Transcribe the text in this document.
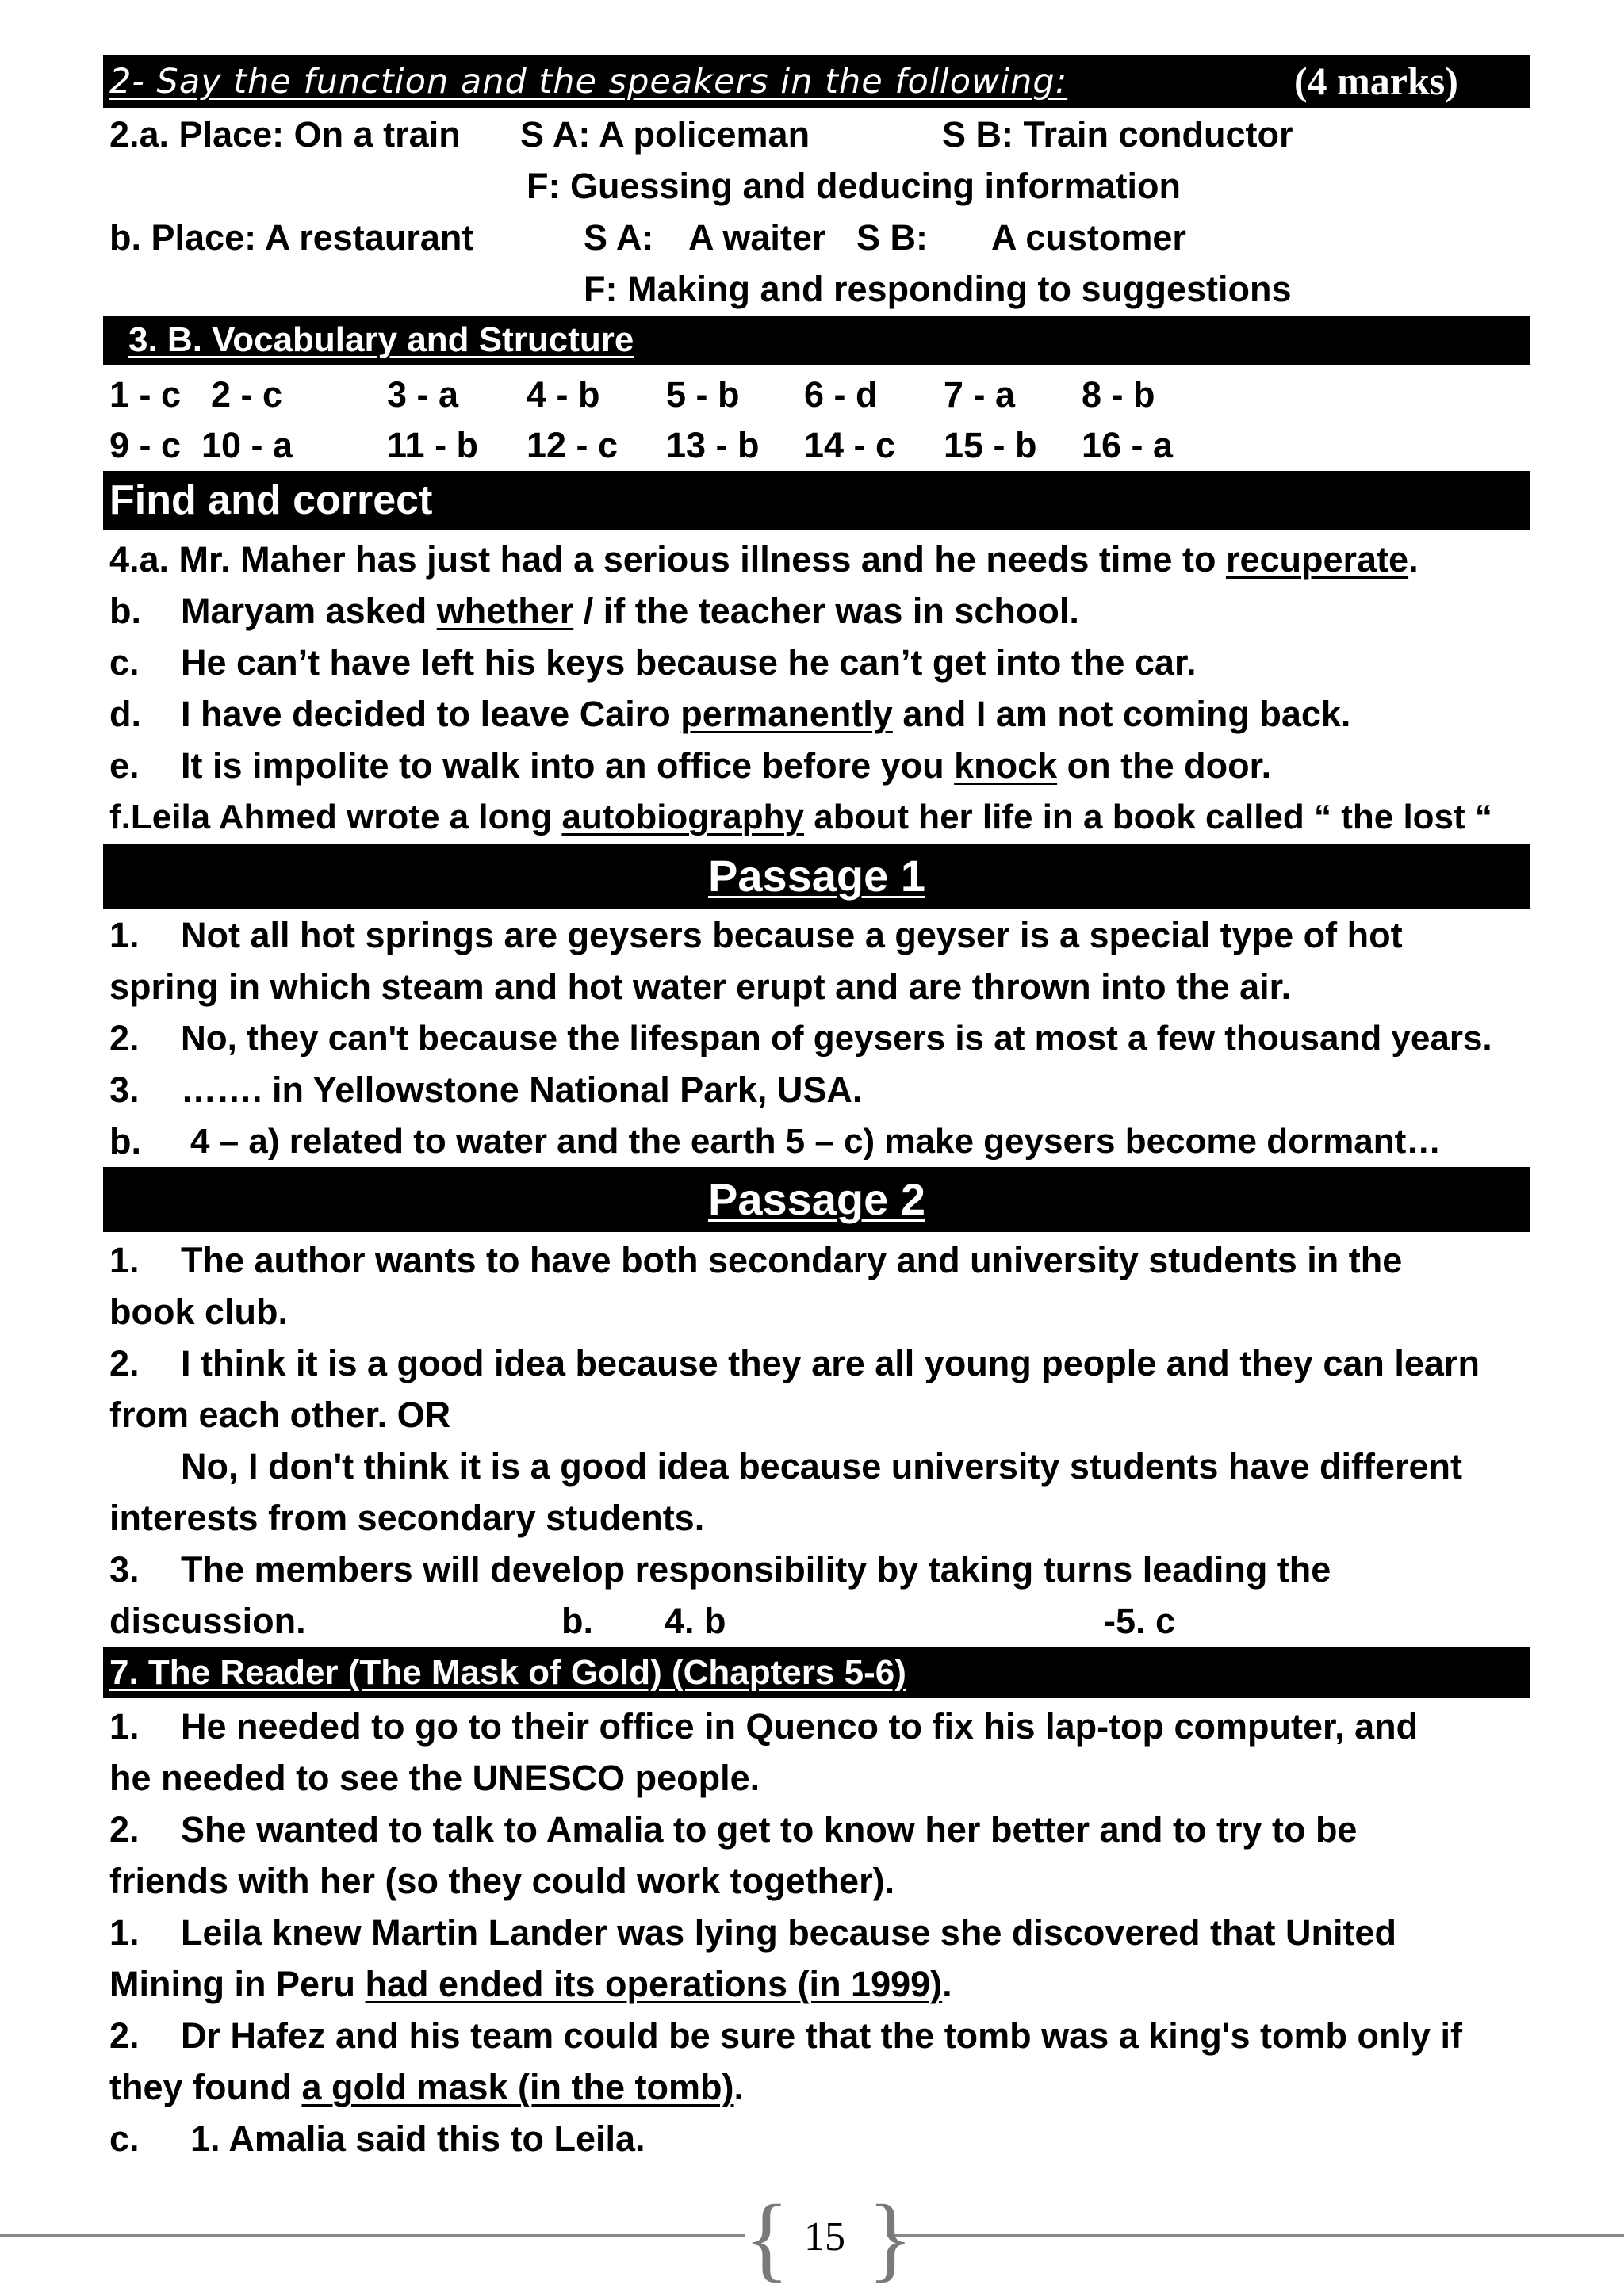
2- Say the function and the speakers in the following:	(4 marks)
2.a. Place: On a train S A: A policeman	S B: Train conductor
F: Guessing and deducing information
b. Place: A restaurant	S A: A waiter S B: A customer
F: Making and responding to suggestions
3. B. Vocabulary and Structure
1 - c 2 - c	3 - a 4 - b 5 - b 6 - d 7 - a 8 - b
9 - c 10 - a	11 - b 12 - c 13 - b 14 - c 15 - b 16 - a
Find and correct
4.a. Mr. Maher has just had a serious illness and he needs time to recuperate.
b. Maryam asked whether / if the teacher was in school.
c. He can’t have left his keys because he can’t get into the car.
d. I have decided to leave Cairo permanently and I am not coming back.
e. It is impolite to walk into an office before you knock on the door.
f.Leila Ahmed wrote a long autobiography about her life in a book called “ the lost “
Passage 1
1. Not all hot springs are geysers because a geyser is a special type of hot
spring in which steam and hot water erupt and are thrown into the air.
2. No, they can't because the lifespan of geysers is at most a few thousand years.
3. ……. in Yellowstone National Park, USA.
b. 4 – a) related to water and the earth 5 – c) make geysers become dormant…
Passage 2
1. The author wants to have both secondary and university students in the
book club.
2. I think it is a good idea because they are all young people and they can learn
from each other. OR
No, I don't think it is a good idea because university students have different
interests from secondary students.
3. The members will develop responsibility by taking turns leading the
discussion.	b. 4. b	-5. c
7. The Reader (The Mask of Gold) (Chapters 5-6)
1. He needed to go to their office in Quenco to fix his lap-top computer, and
he needed to see the UNESCO people.
2. She wanted to talk to Amalia to get to know her better and to try to be
friends with her (so they could work together).
1. Leila knew Martin Lander was lying because she discovered that United
Mining in Peru had ended its operations (in 1999).
2. Dr Hafez and his team could be sure that the tomb was a king's tomb only if
they found a gold mask (in the tomb).
c. 1. Amalia said this to Leila.
{ }
15
